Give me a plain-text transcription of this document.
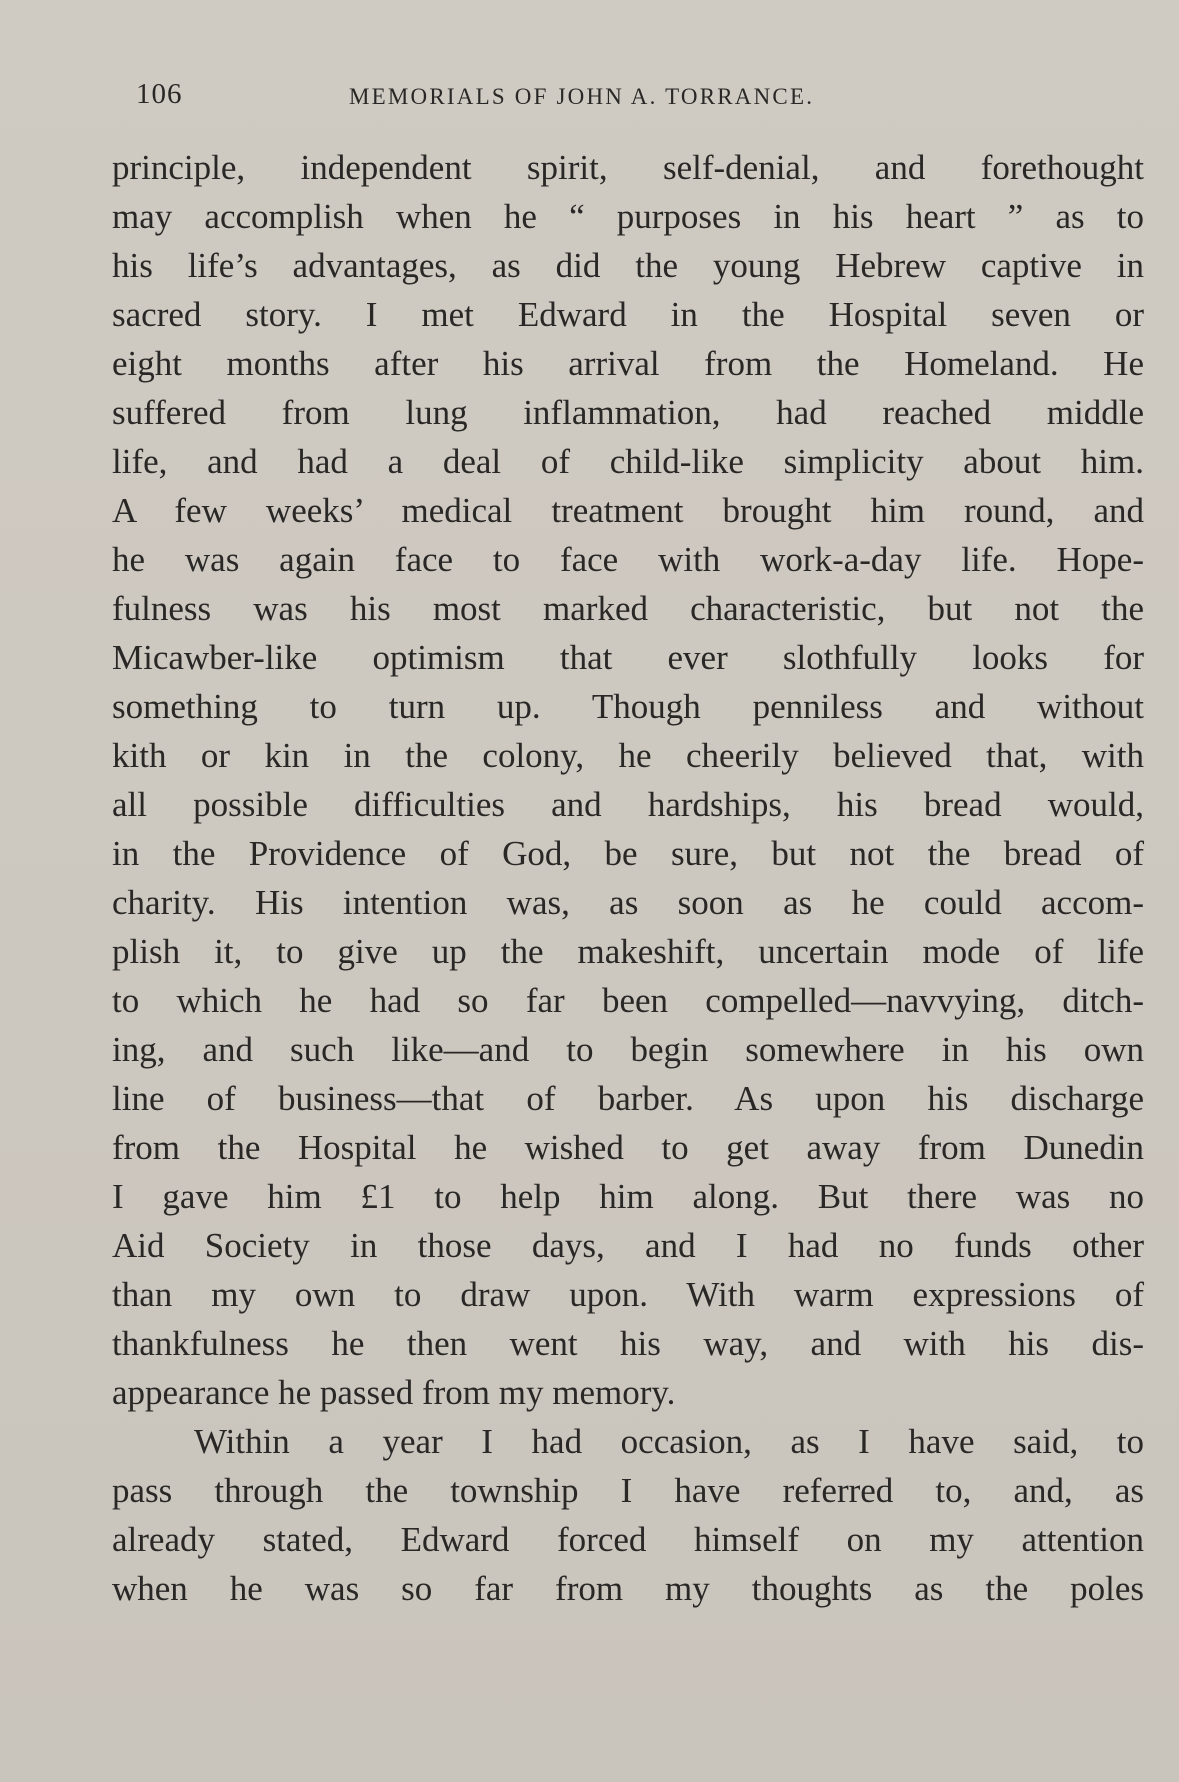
106	MEMORIALS OF JOHN A. TORRANCE.
principle, independent spirit, self-denial, and forethought
may accomplish when he “ purposes in his heart ” as to
his life’s advantages, as did the young Hebrew captive in
sacred story. I met Edward in the Hospital seven or
eight months after his arrival from the Homeland. He
suffered from lung inflammation, had reached middle
life, and had a deal of child-like simplicity about him.
A few weeks’ medical treatment brought him round, and
he was again face to face with work-a-day life. Hope-
fulness was his most marked characteristic, but not the
Micawber-like optimism that ever slothfully looks for
something to turn up. Though penniless and without
kith or kin in the colony, he cheerily believed that, with
all possible difficulties and hardships, his bread would,
in the Providence of God, be sure, but not the bread of
charity. His intention was, as soon as he could accom-
plish it, to give up the makeshift, uncertain mode of life
to which he had so far been compelled—navvying, ditch-
ing, and such like—and to begin somewhere in his own
line of business—that of barber. As upon his discharge
from the Hospital he wished to get away from Dunedin
I gave him £1 to help him along. But there was no
Aid Society in those days, and I had no funds other
than my own to draw upon. With warm expressions of
thankfulness he then went his way, and with his dis-
appearance he passed from my memory.
Within a year I had occasion, as I have said, to
pass through the township I have referred to, and, as
already stated, Edward forced himself on my attention
when he was so far from my thoughts as the poles
